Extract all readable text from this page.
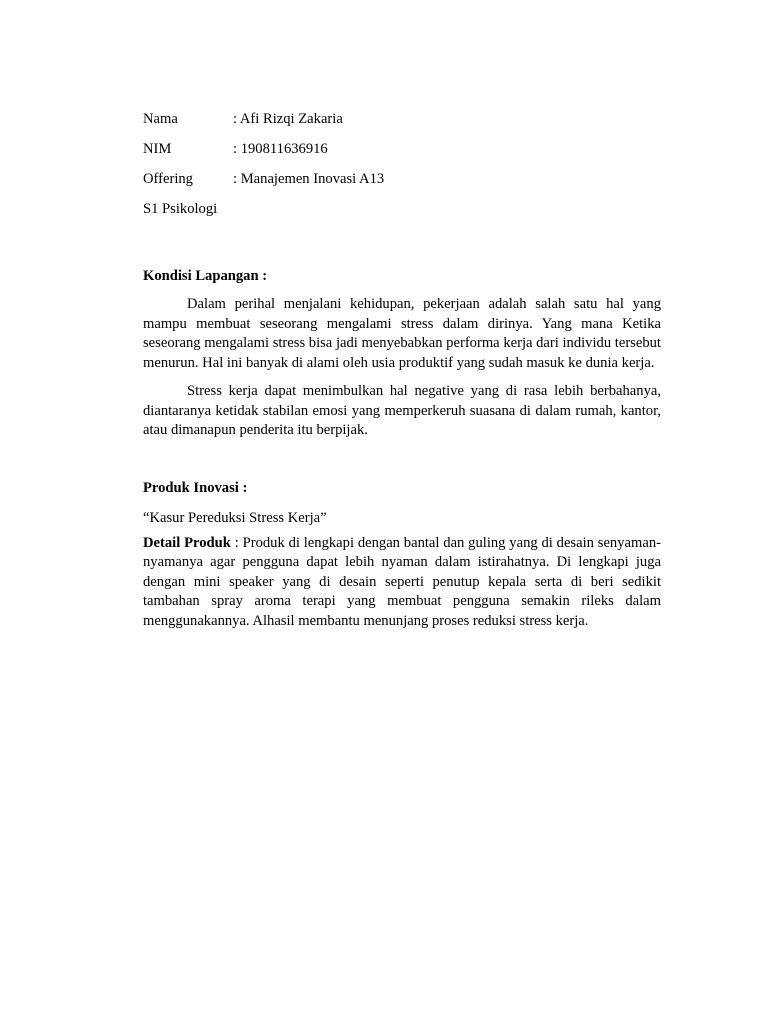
Nama	: Afi Rizqi Zakaria
NIM	: 190811636916
Offering	: Manajemen Inovasi A13
S1 Psikologi

Kondisi Lapangan :

Dalam perihal menjalani kehidupan, pekerjaan adalah salah satu hal yang mampu membuat seseorang mengalami stress dalam dirinya. Yang mana Ketika seseorang mengalami stress bisa jadi menyebabkan performa kerja dari individu tersebut menurun. Hal ini banyak di alami oleh usia produktif yang sudah masuk ke dunia kerja.

Stress kerja dapat menimbulkan hal negative yang di rasa lebih berbahanya, diantaranya ketidak stabilan emosi yang memperkeruh suasana di dalam rumah, kantor, atau dimanapun penderita itu berpijak.

Produk Inovasi :

“Kasur Pereduksi Stress Kerja”

Detail Produk : Produk di lengkapi dengan bantal dan guling yang di desain senyaman-nyamanya agar pengguna dapat lebih nyaman dalam istirahatnya. Di lengkapi juga dengan mini speaker yang di desain seperti penutup kepala serta di beri sedikit tambahan spray aroma terapi yang membuat pengguna semakin rileks dalam menggunakannya. Alhasil membantu menunjang proses reduksi stress kerja.
